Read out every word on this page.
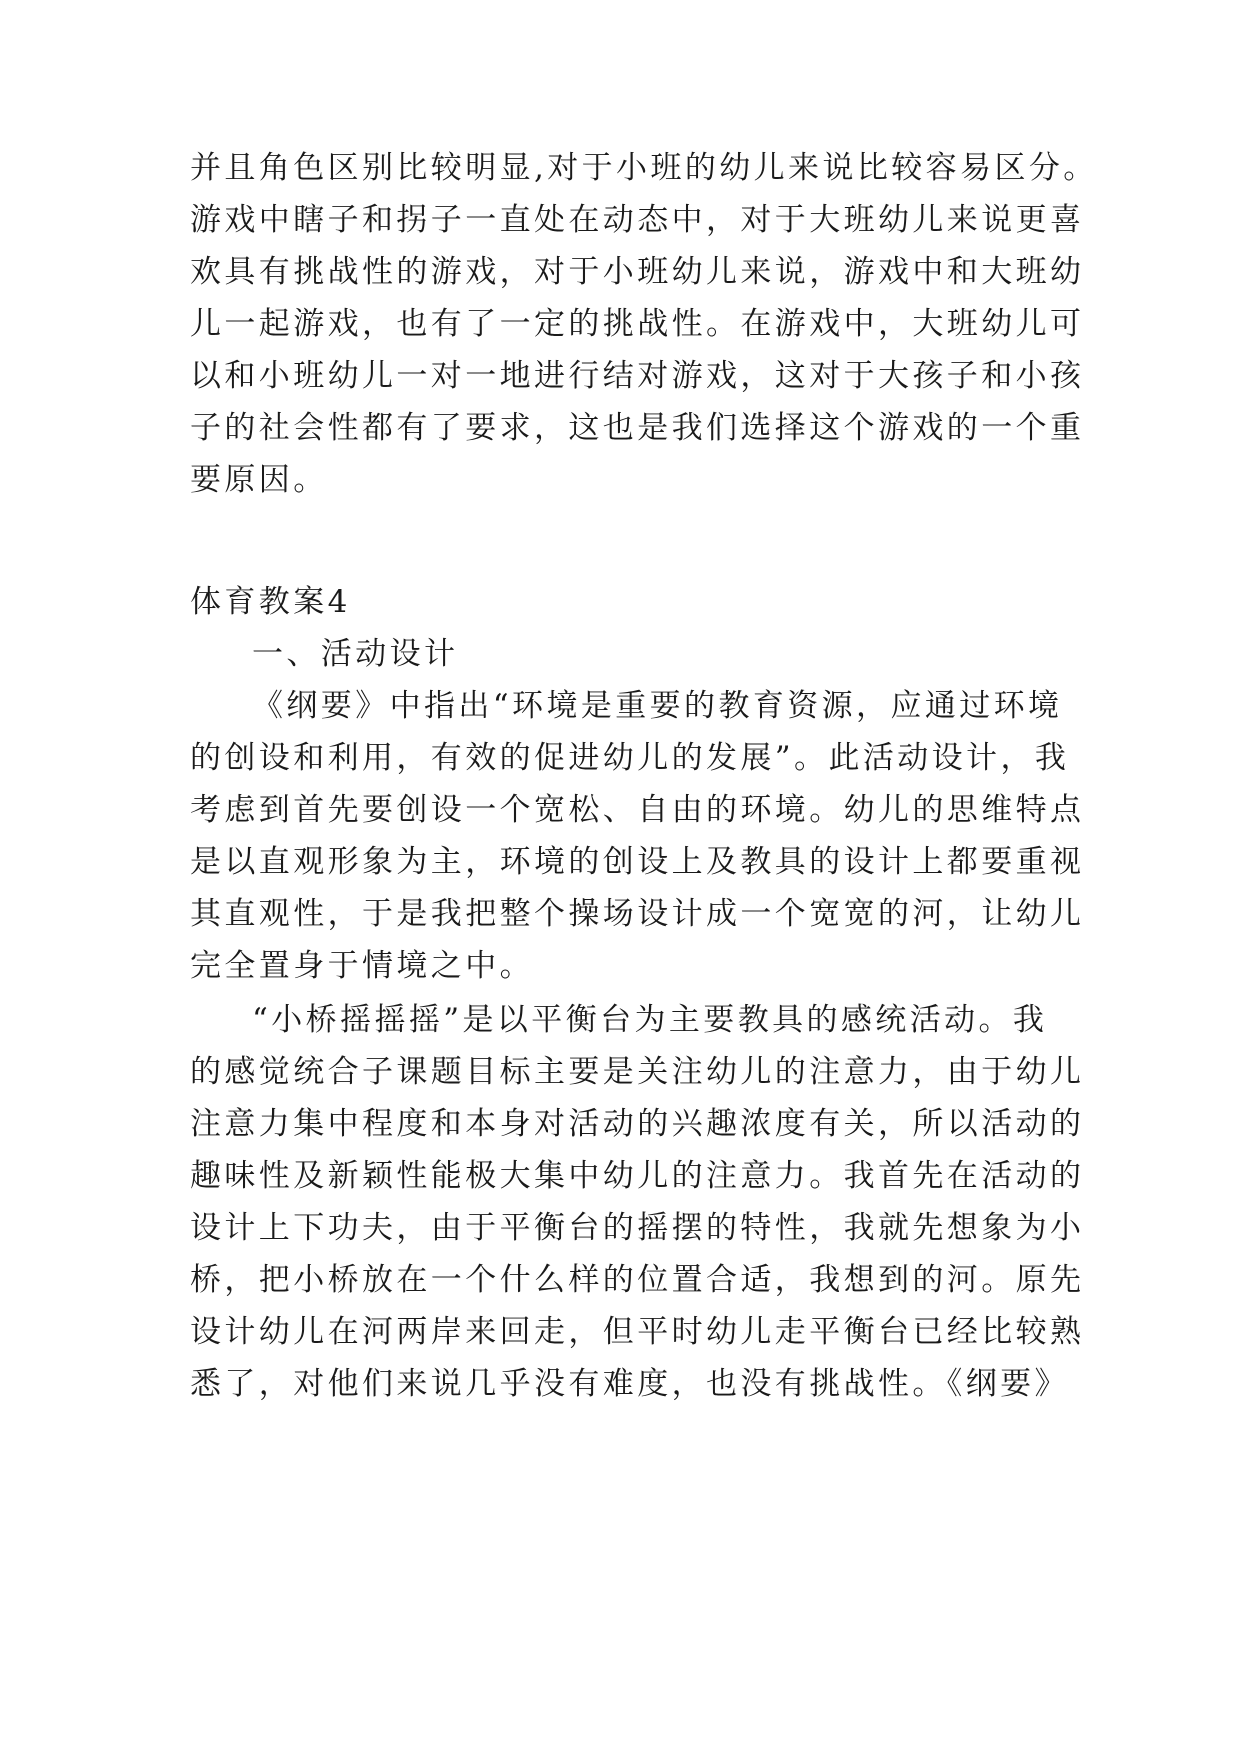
并且角色区别比较明显,对于小班的幼儿来说比较容易区分。
游戏中瞎子和拐子一直处在动态中，对于大班幼儿来说更喜
欢具有挑战性的游戏，对于小班幼儿来说，游戏中和大班幼
儿一起游戏，也有了一定的挑战性。在游戏中，大班幼儿可
以和小班幼儿一对一地进行结对游戏，这对于大孩子和小孩
子的社会性都有了要求，这也是我们选择这个游戏的一个重
要原因。
体育教案4
一、活动设计
《纲要》中指出“环境是重要的教育资源，应通过环境
的创设和利用，有效的促进幼儿的发展”。此活动设计，我
考虑到首先要创设一个宽松、自由的环境。幼儿的思维特点
是以直观形象为主，环境的创设上及教具的设计上都要重视
其直观性，于是我把整个操场设计成一个宽宽的河，让幼儿
完全置身于情境之中。
“小桥摇摇摇”是以平衡台为主要教具的感统活动。我
的感觉统合子课题目标主要是关注幼儿的注意力，由于幼儿
注意力集中程度和本身对活动的兴趣浓度有关，所以活动的
趣味性及新颖性能极大集中幼儿的注意力。我首先在活动的
设计上下功夫，由于平衡台的摇摆的特性，我就先想象为小
桥，把小桥放在一个什么样的位置合适，我想到的河。原先
设计幼儿在河两岸来回走，但平时幼儿走平衡台已经比较熟
悉了，对他们来说几乎没有难度，也没有挑战性。《纲要》
